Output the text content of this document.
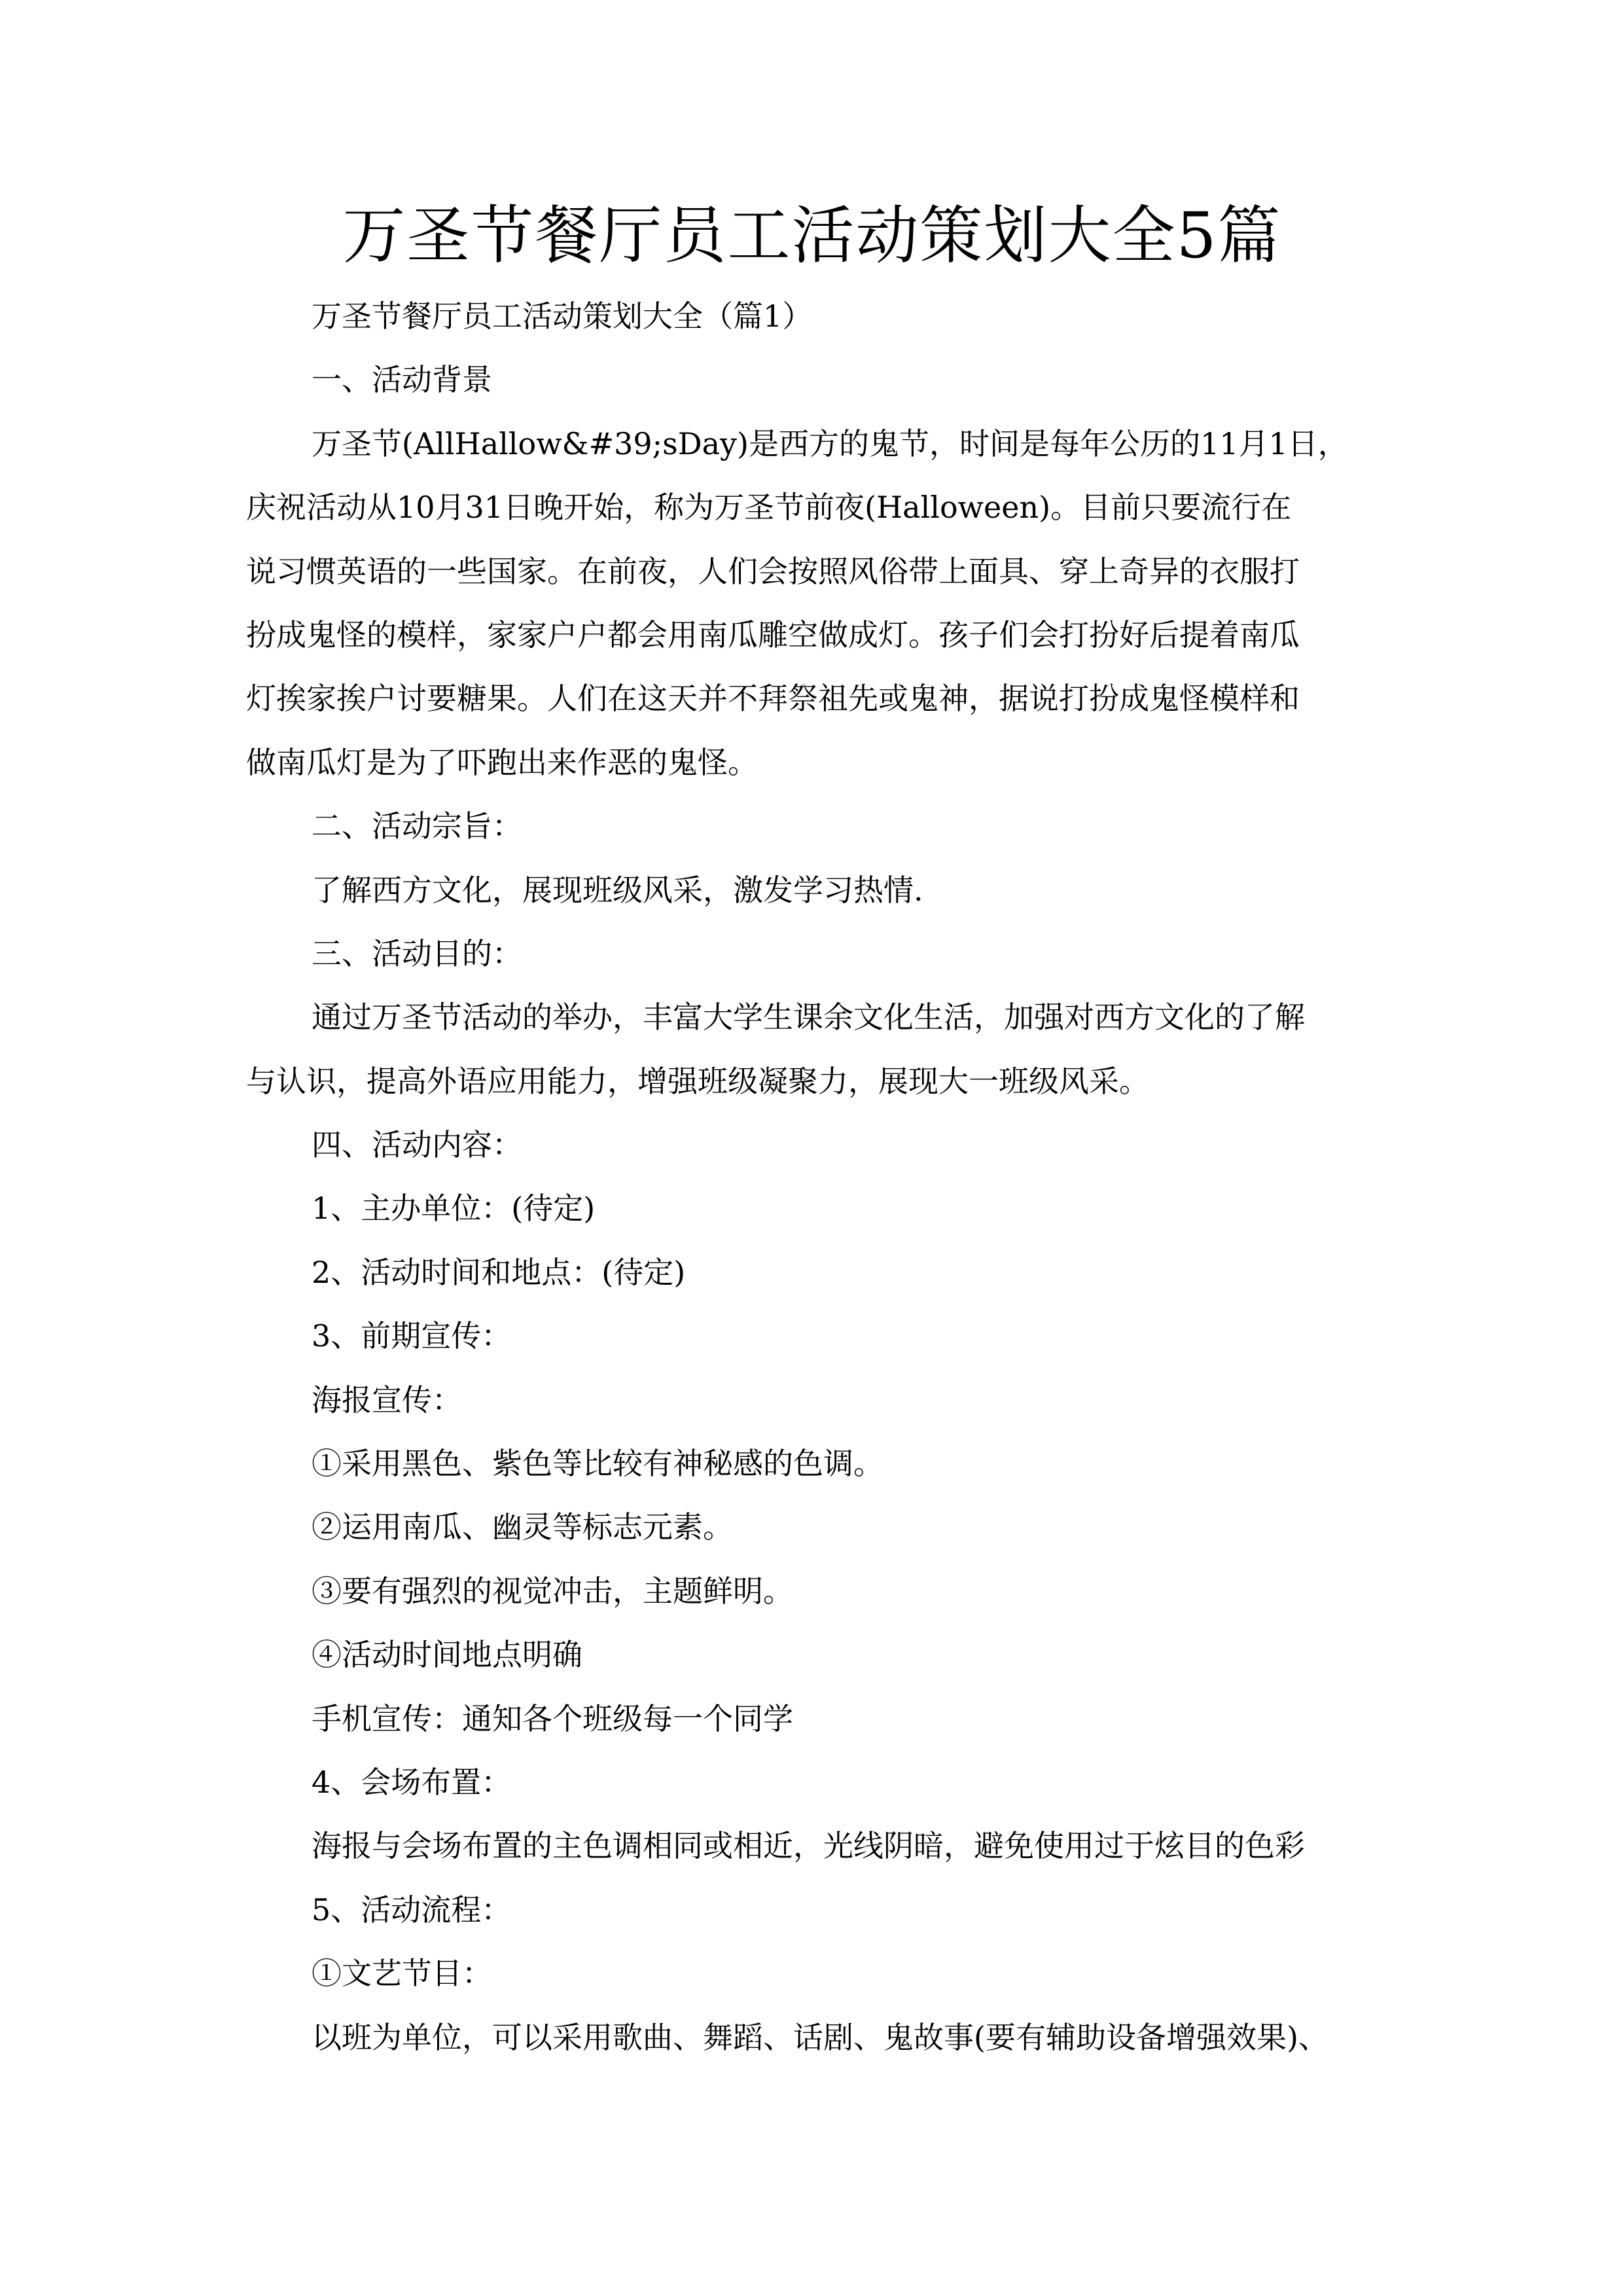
万圣节餐厅员工活动策划大全5篇

万圣节餐厅员工活动策划大全（篇1）

一、活动背景

万圣节(AllHallow&#39;sDay)是西方的鬼节，时间是每年公历的11月1日，

庆祝活动从10月31日晚开始，称为万圣节前夜(Halloween)。目前只要流行在

说习惯英语的一些国家。在前夜，人们会按照风俗带上面具、穿上奇异的衣服打

扮成鬼怪的模样，家家户户都会用南瓜雕空做成灯。孩子们会打扮好后提着南瓜

灯挨家挨户讨要糖果。人们在这天并不拜祭祖先或鬼神，据说打扮成鬼怪模样和

做南瓜灯是为了吓跑出来作恶的鬼怪。

二、活动宗旨：

了解西方文化，展现班级风采，激发学习热情.

三、活动目的：

通过万圣节活动的举办，丰富大学生课余文化生活，加强对西方文化的了解

与认识，提高外语应用能力，增强班级凝聚力，展现大一班级风采。

四、活动内容：

1、主办单位：(待定)

2、活动时间和地点：(待定)

3、前期宣传：

海报宣传：

①采用黑色、紫色等比较有神秘感的色调。

②运用南瓜、幽灵等标志元素。

③要有强烈的视觉冲击，主题鲜明。

④活动时间地点明确

手机宣传：通知各个班级每一个同学

4、会场布置：

海报与会场布置的主色调相同或相近，光线阴暗，避免使用过于炫目的色彩

5、活动流程：

①文艺节目：

以班为单位，可以采用歌曲、舞蹈、话剧、鬼故事(要有辅助设备增强效果)、
